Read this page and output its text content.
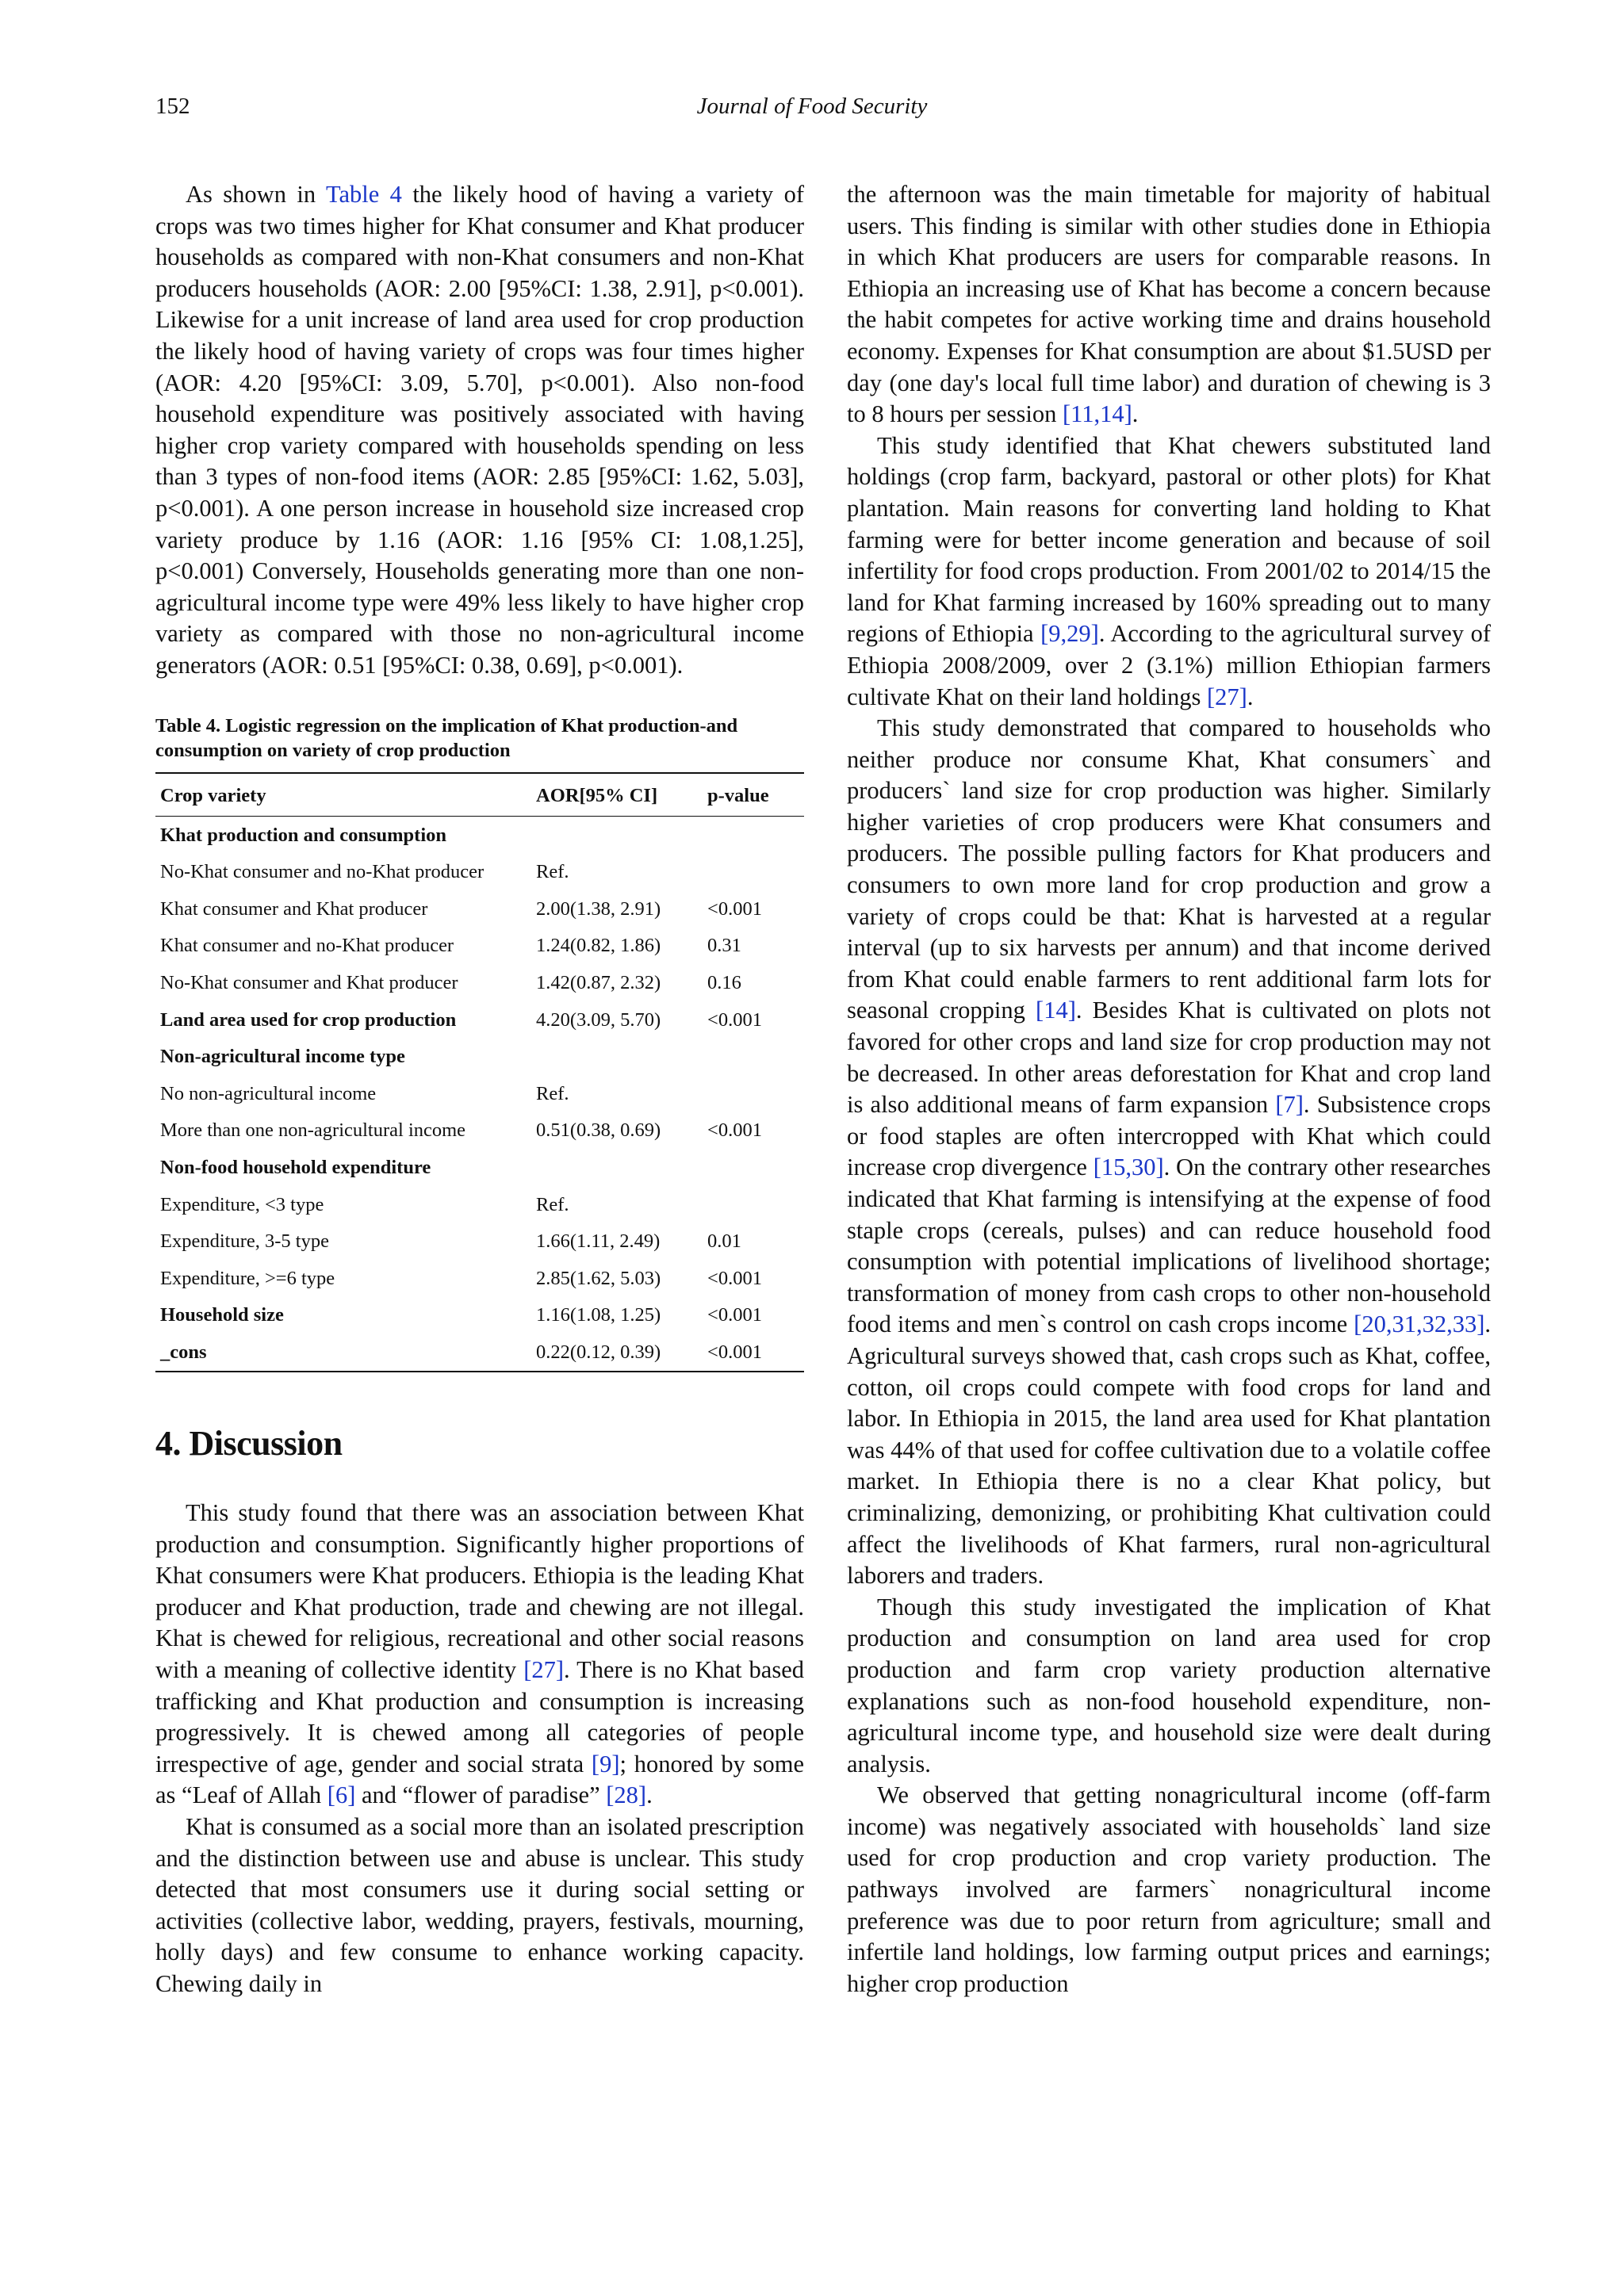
152	Journal of Food Security

As shown in Table 4 the likely hood of having a variety of crops was two times higher for Khat consumer and Khat producer households as compared with non-Khat consumers and non-Khat producers households (AOR: 2.00 [95%CI: 1.38, 2.91], p<0.001). Likewise for a unit increase of land area used for crop production the likely hood of having variety of crops was four times higher (AOR: 4.20 [95%CI: 3.09, 5.70], p<0.001). Also non-food household expenditure was positively associated with having higher crop variety compared with households spending on less than 3 types of non-food items (AOR: 2.85 [95%CI: 1.62, 5.03], p<0.001). A one person increase in household size increased crop variety produce by 1.16 (AOR: 1.16 [95% CI: 1.08,1.25], p<0.001) Conversely, Households generating more than one non-agricultural income type were 49% less likely to have higher crop variety as compared with those no non-agricultural income generators (AOR: 0.51 [95%CI: 0.38, 0.69], p<0.001).

Table 4. Logistic regression on the implication of Khat production-and consumption on variety of crop production
Crop variety	AOR[95% CI]	p-value
Khat production and consumption		
No-Khat consumer and no-Khat producer	Ref.	
Khat consumer and Khat producer	2.00(1.38, 2.91)	<0.001
Khat consumer and no-Khat producer	1.24(0.82, 1.86)	0.31
No-Khat consumer and Khat producer	1.42(0.87, 2.32)	0.16
Land area used for crop production	4.20(3.09, 5.70)	<0.001
Non-agricultural income type		
No non-agricultural income	Ref.	
More than one non-agricultural income	0.51(0.38, 0.69)	<0.001
Non-food household expenditure		
Expenditure, <3 type	Ref.	
Expenditure, 3-5 type	1.66(1.11, 2.49)	0.01
Expenditure, >=6 type	2.85(1.62, 5.03)	<0.001
Household size	1.16(1.08, 1.25)	<0.001
_cons	0.22(0.12, 0.39)	<0.001
4. Discussion

This study found that there was an association between Khat production and consumption. Significantly higher proportions of Khat consumers were Khat producers. Ethiopia is the leading Khat producer and Khat production, trade and chewing are not illegal. Khat is chewed for religious, recreational and other social reasons with a meaning of collective identity [27]. There is no Khat based trafficking and Khat production and consumption is increasing progressively. It is chewed among all categories of people irrespective of age, gender and social strata [9]; honored by some as “Leaf of Allah [6] and “flower of paradise” [28].

Khat is consumed as a social more than an isolated prescription and the distinction between use and abuse is unclear. This study detected that most consumers use it during social setting or activities (collective labor, wedding, prayers, festivals, mourning, holly days) and few consume to enhance working capacity. Chewing daily in

the afternoon was the main timetable for majority of habitual users. This finding is similar with other studies done in Ethiopia in which Khat producers are users for comparable reasons. In Ethiopia an increasing use of Khat has become a concern because the habit competes for active working time and drains household economy. Expenses for Khat consumption are about $1.5USD per day (one day's local full time labor) and duration of chewing is 3 to 8 hours per session [11,14].

This study identified that Khat chewers substituted land holdings (crop farm, backyard, pastoral or other plots) for Khat plantation. Main reasons for converting land holding to Khat farming were for better income generation and because of soil infertility for food crops production. From 2001/02 to 2014/15 the land for Khat farming increased by 160% spreading out to many regions of Ethiopia [9,29]. According to the agricultural survey of Ethiopia 2008/2009, over 2 (3.1%) million Ethiopian farmers cultivate Khat on their land holdings [27].

This study demonstrated that compared to households who neither produce nor consume Khat, Khat consumers` and producers` land size for crop production was higher. Similarly higher varieties of crop producers were Khat consumers and producers. The possible pulling factors for Khat producers and consumers to own more land for crop production and grow a variety of crops could be that: Khat is harvested at a regular interval (up to six harvests per annum) and that income derived from Khat could enable farmers to rent additional farm lots for seasonal cropping [14]. Besides Khat is cultivated on plots not favored for other crops and land size for crop production may not be decreased. In other areas deforestation for Khat and crop land is also additional means of farm expansion [7]. Subsistence crops or food staples are often intercropped with Khat which could increase crop divergence [15,30]. On the contrary other researches indicated that Khat farming is intensifying at the expense of food staple crops (cereals, pulses) and can reduce household food consumption with potential implications of livelihood shortage; transformation of money from cash crops to other non-household food items and men`s control on cash crops income [20,31,32,33]. Agricultural surveys showed that, cash crops such as Khat, coffee, cotton, oil crops could compete with food crops for land and labor. In Ethiopia in 2015, the land area used for Khat plantation was 44% of that used for coffee cultivation due to a volatile coffee market. In Ethiopia there is no a clear Khat policy, but criminalizing, demonizing, or prohibiting Khat cultivation could affect the livelihoods of Khat farmers, rural non-agricultural laborers and traders.

Though this study investigated the implication of Khat production and consumption on land area used for crop production and farm crop variety production alternative explanations such as non-food household expenditure, non-agricultural income type, and household size were dealt during analysis.

We observed that getting nonagricultural income (off-farm income) was negatively associated with households` land size used for crop production and crop variety production. The pathways involved are farmers` nonagricultural income preference was due to poor return from agriculture; small and infertile land holdings, low farming output prices and earnings; higher crop production
